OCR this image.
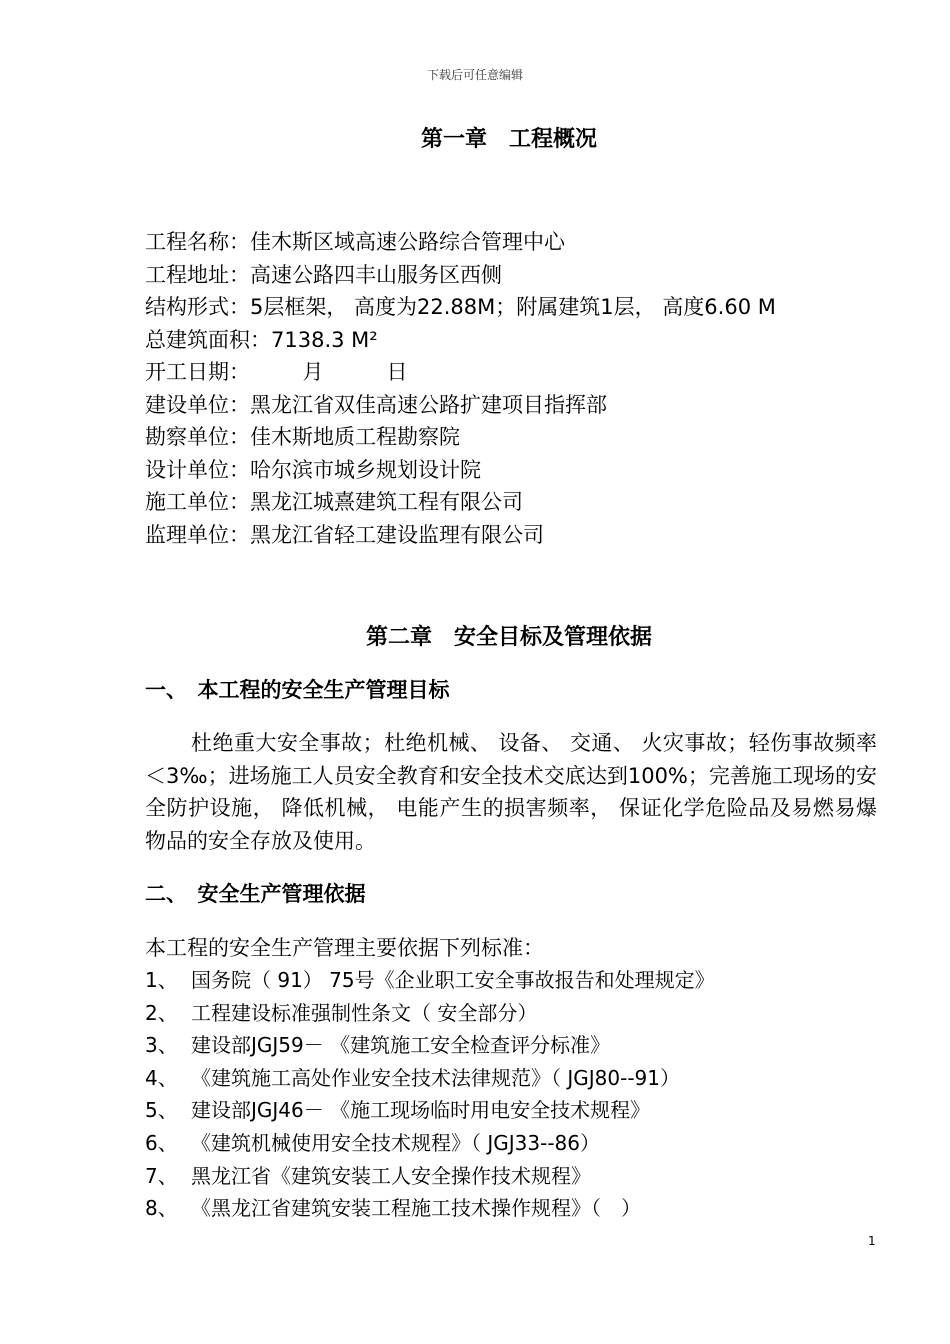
下载后可任意编辑
第一章　工程概况
工程名称：佳木斯区域高速公路综合管理中心
工程地址：高速公路四丰山服务区西侧
结构形式：5层框架， 高度为22.88M；附属建筑1层， 高度6.60 M
总建筑面积：7138.3 M²
开工日期：　　　月　　　日
建设单位：黑龙江省双佳高速公路扩建项目指挥部
勘察单位：佳木斯地质工程勘察院
设计单位：哈尔滨市城乡规划设计院
施工单位：黑龙江城熹建筑工程有限公司
监理单位：黑龙江省轻工建设监理有限公司
第二章　安全目标及管理依据
一、　本工程的安全生产管理目标
杜绝重大安全事故；杜绝机械、 设备、 交通、 火灾事故；轻伤事故频率 ＜3‰；进场施工人员安全教育和安全技术交底达到100%；完善施工现场的安全防护设施， 降低机械， 电能产生的损害频率， 保证化学危险品及易燃易爆物品的安全存放及使用。
二、　安全生产管理依据
本工程的安全生产管理主要依据下列标准：
1、 国务院（ 91） 75号《企业职工安全事故报告和处理规定》
2、 工程建设标准强制性条文（ 安全部分）
3、 建设部JGJ59－ 《建筑施工安全检查评分标准》
4、 《建筑施工高处作业安全技术法律规范》（ JGJ80--91）
5、 建设部JGJ46－ 《施工现场临时用电安全技术规程》
6、 《建筑机械使用安全技术规程》（ JGJ33--86）
7、 黑龙江省《建筑安装工人安全操作技术规程》
8、 《黑龙江省建筑安装工程施工技术操作规程》（　）
1
